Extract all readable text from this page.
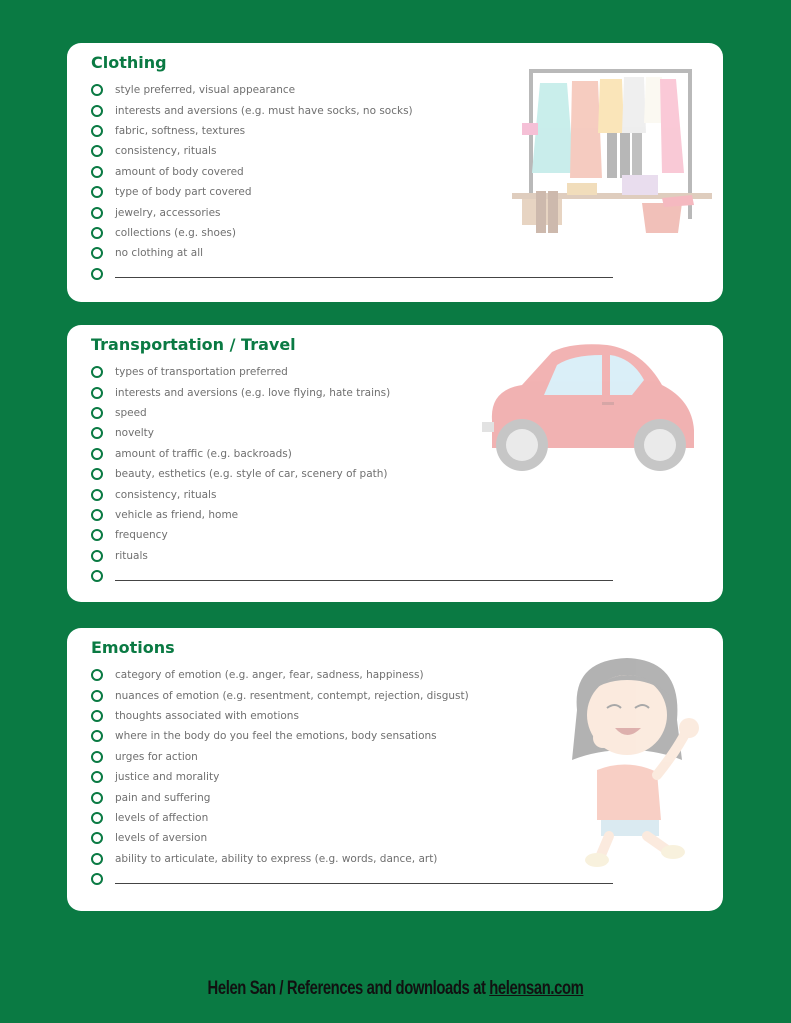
Clothing
style preferred, visual appearance
interests and aversions (e.g. must have socks, no socks)
fabric, softness, textures
consistency, rituals
amount of body covered
type of body part covered
jewelry, accessories
collections (e.g. shoes)
no clothing at all
Transportation / Travel
types of transportation preferred
interests and aversions (e.g. love flying, hate trains)
speed
novelty
amount of traffic (e.g. backroads)
beauty, esthetics (e.g. style of car, scenery of path)
consistency, rituals
vehicle as friend, home
frequency
rituals
Emotions
category of emotion (e.g. anger, fear, sadness, happiness)
nuances of emotion (e.g. resentment, contempt, rejection, disgust)
thoughts associated with emotions
where in the body do you feel the emotions, body sensations
urges for action
justice and morality
pain and suffering
levels of affection
levels of aversion
ability to articulate, ability to express (e.g. words, dance, art)
Helen San / References and downloads at helensan.com
